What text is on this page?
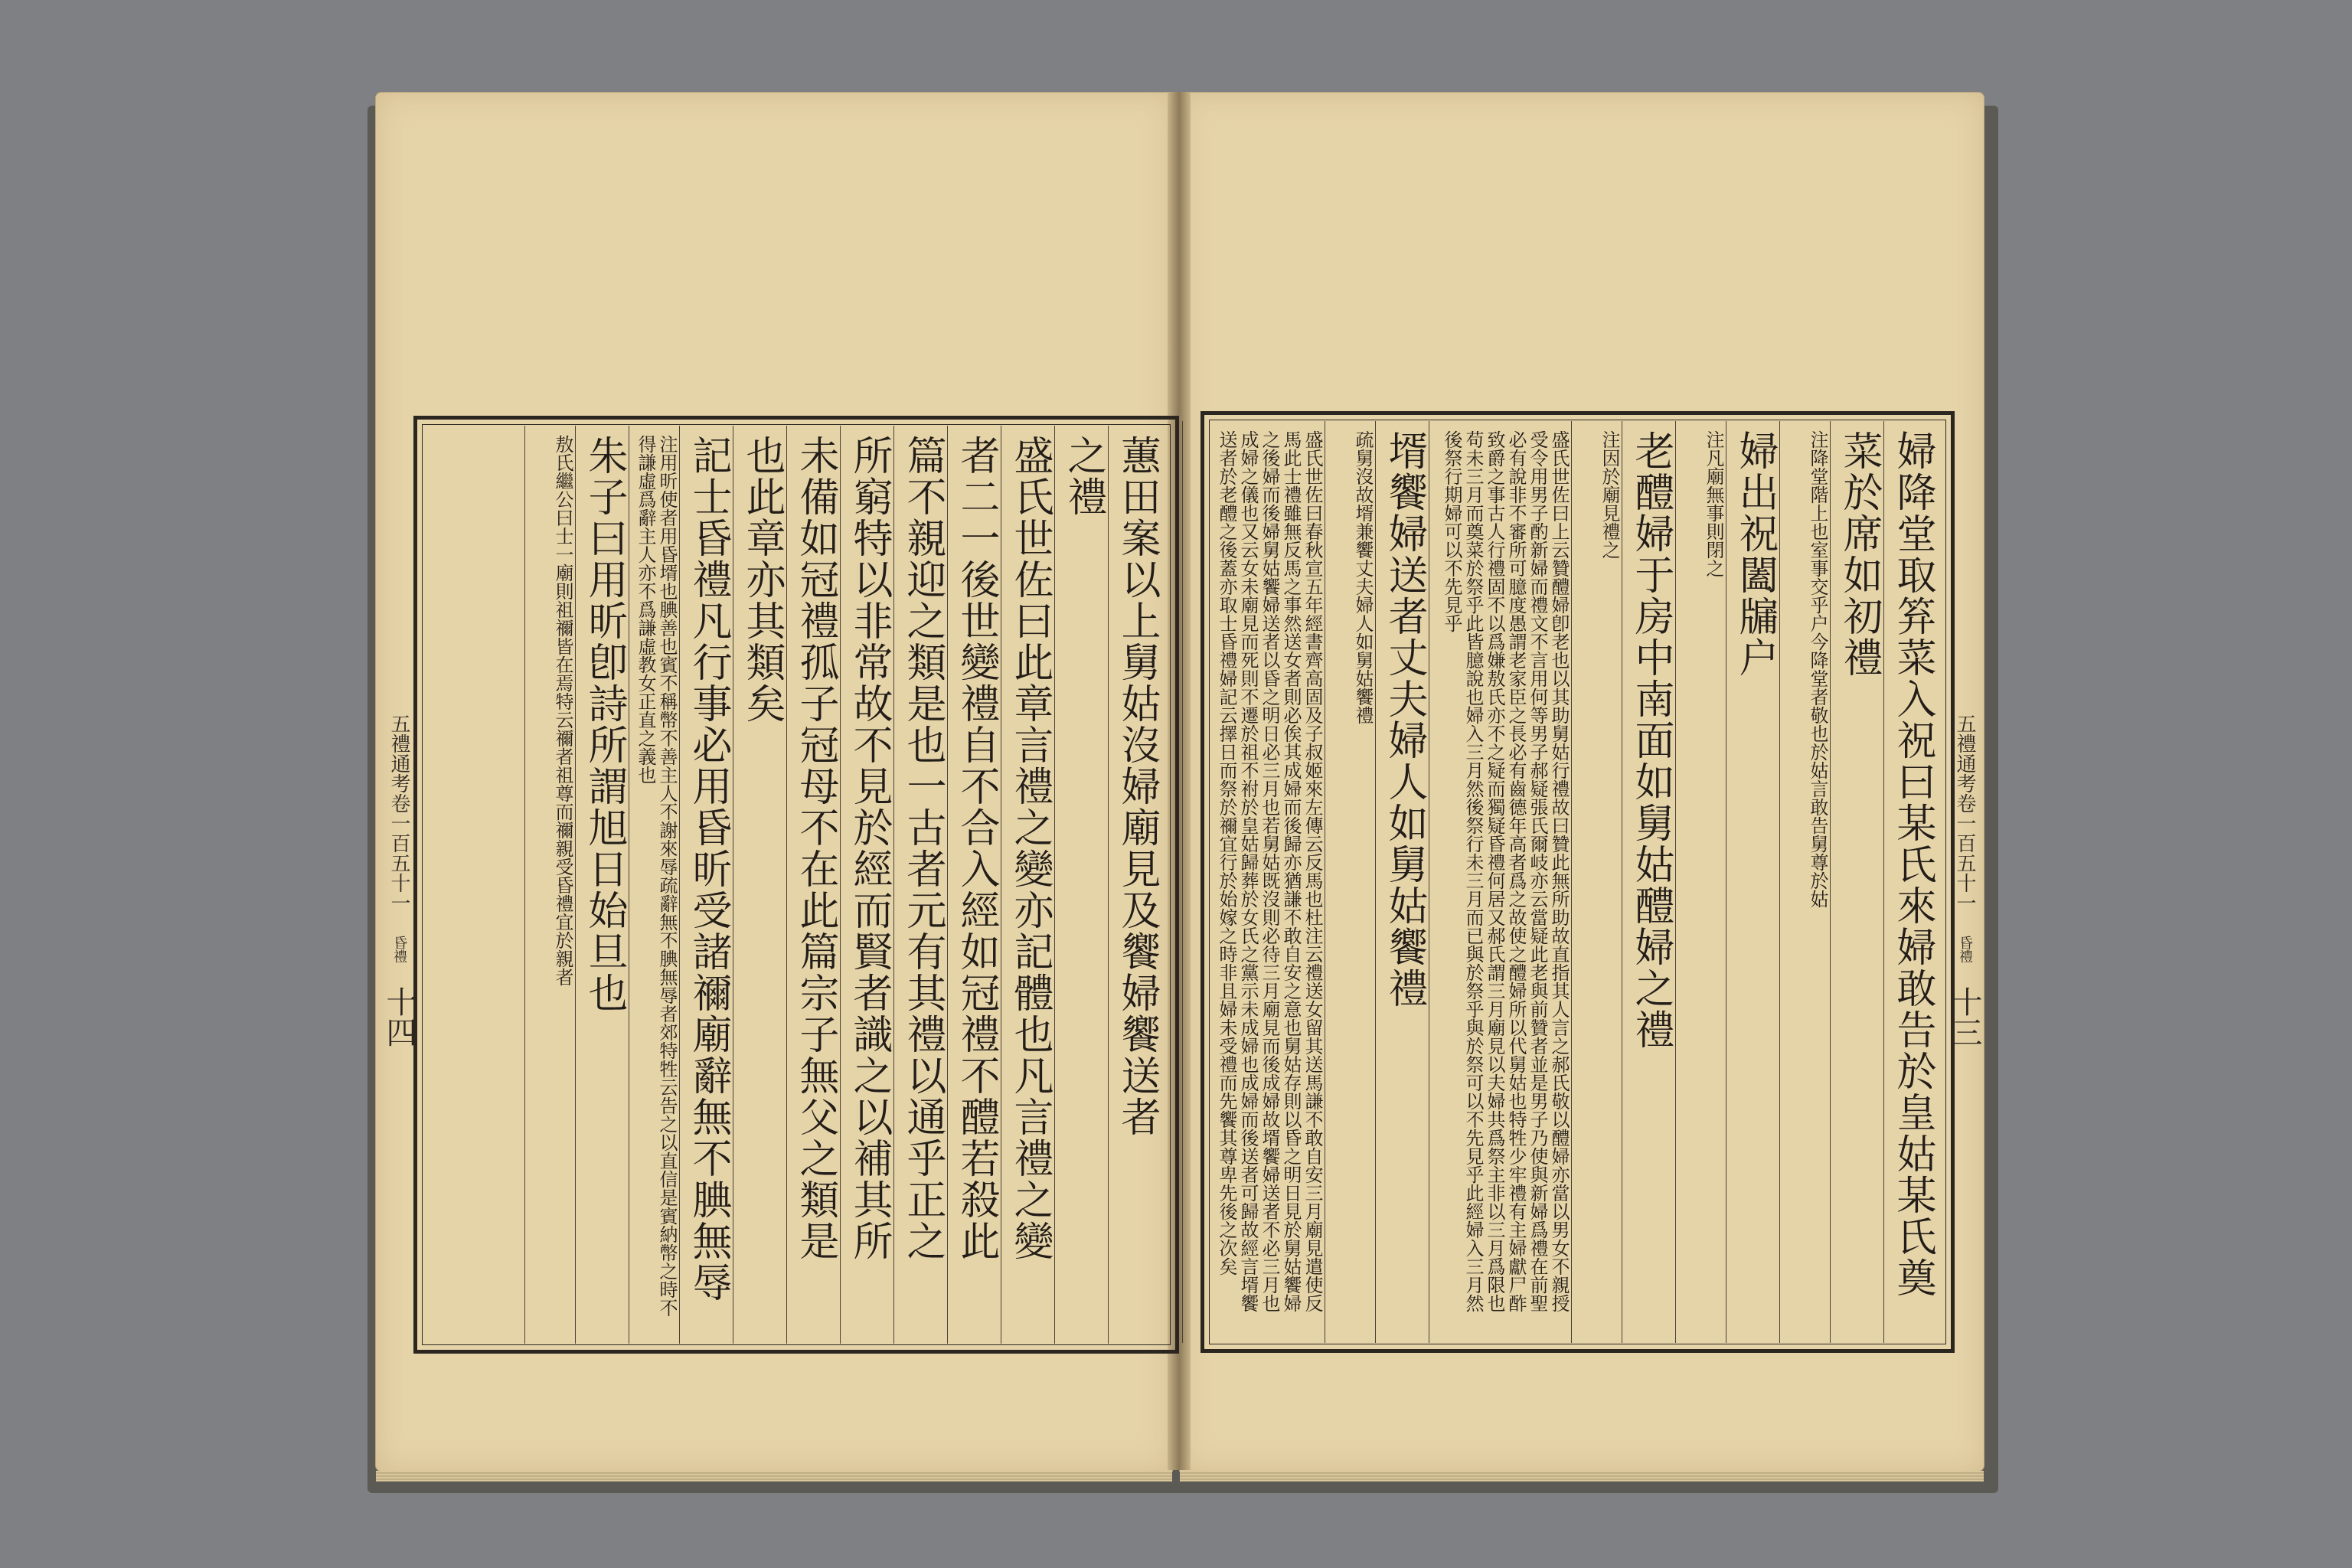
蕙田案以上舅姑沒婦廟見及饗婦饗送者
之禮
盛氏世佐曰此章言禮之變亦記體也凡言禮之變
者二一後世變禮自不合入經如冠禮不醴若殺此
篇不親迎之類是也一古者元有其禮以通乎正之
所窮特以非常故不見於經而賢者識之以補其所
未備如冠禮孤子冠母不在此篇宗子無父之類是
也此章亦其類矣
記士昏禮凡行事必用昏昕受諸禰廟辭無不腆無辱
注用昕使者用昏壻也腆善也賓不稱幣不善主人不謝來辱疏辭無不腆無辱者郊特牲云告之以直信是賓納幣之時不得謙虛爲辭主人亦不爲謙虛教女正直之義也
朱子曰用昕卽詩所謂旭日始旦也
敖氏繼公曰士一廟則祖禰皆在焉特云禰者祖尊而禰親受昏禮宜於親者	婦降堂取笲菜入祝曰某氏來婦敢告於皇姑某氏奠
菜於席如初禮
注降堂階上也室事交乎户今降堂者敬也於姑言敢告舅尊於姑
婦出祝闔牖户
注凡廟無事則閉之
老醴婦于房中南面如舅姑醴婦之禮
注因於廟見禮之
盛氏世佐曰上云贊醴婦卽老也以其助舅姑行禮故曰贊此無所助故直指其人言之郝氏敬以醴婦亦當以男女不親授受令用男子酌新婦而禮文不言用何等男子郝疑張氏爾岐亦云當疑此老與前贊者並是男子乃使與新婦爲禮在前聖必有說非不審所可臆度愚謂老家臣之長必有齒德年高者爲之故使之醴婦所以代舅姑也特牲少牢禮有主婦獻尸酢致爵之事古人行禮固不以爲嫌敖氏亦不之疑而獨疑昏禮何居又郝氏謂三月廟見以夫婦共爲祭主非以三月爲限也苟未三月而奠菜於祭乎此皆臆說也婦入三月然後祭行未三月而已與於祭乎與於祭可以不先見乎此經婦入三月然後祭行期婦可以不先見乎
壻饗婦送者丈夫婦人如舅姑饗禮
疏舅沒故壻兼饗丈夫婦人如舅姑饗禮
盛氏世佐曰春秋宣五年經書齊高固及子叔姬來左傳云反馬也杜注云禮送女留其送馬謙不敢自安三月廟見遣使反馬此士禮雖無反馬之事然送女者則必俟其成婦而後歸亦猶謙不敢自安之意也舅姑存則以昏之明日見於舅姑饗婦之後婦而後婦舅姑饗婦送者以昏之明日必三月也若舅姑既沒則必待三月廟見而後成婦故壻饗婦送者不必三月也成婦之儀也又云女未廟見而死則不遷於祖不祔於皇姑歸葬於女氏之黨示未成婦也成婦而後送者可歸故經言壻饗送者於老醴之後蓋亦取士昏禮婦記云擇日而祭於禰宜行於始嫁之時非且婦未受禮而先饗其尊卑先後之次矣
五禮通考卷一百五十一 昏禮 十四
五禮通考卷一百五十一 昏禮 十三
